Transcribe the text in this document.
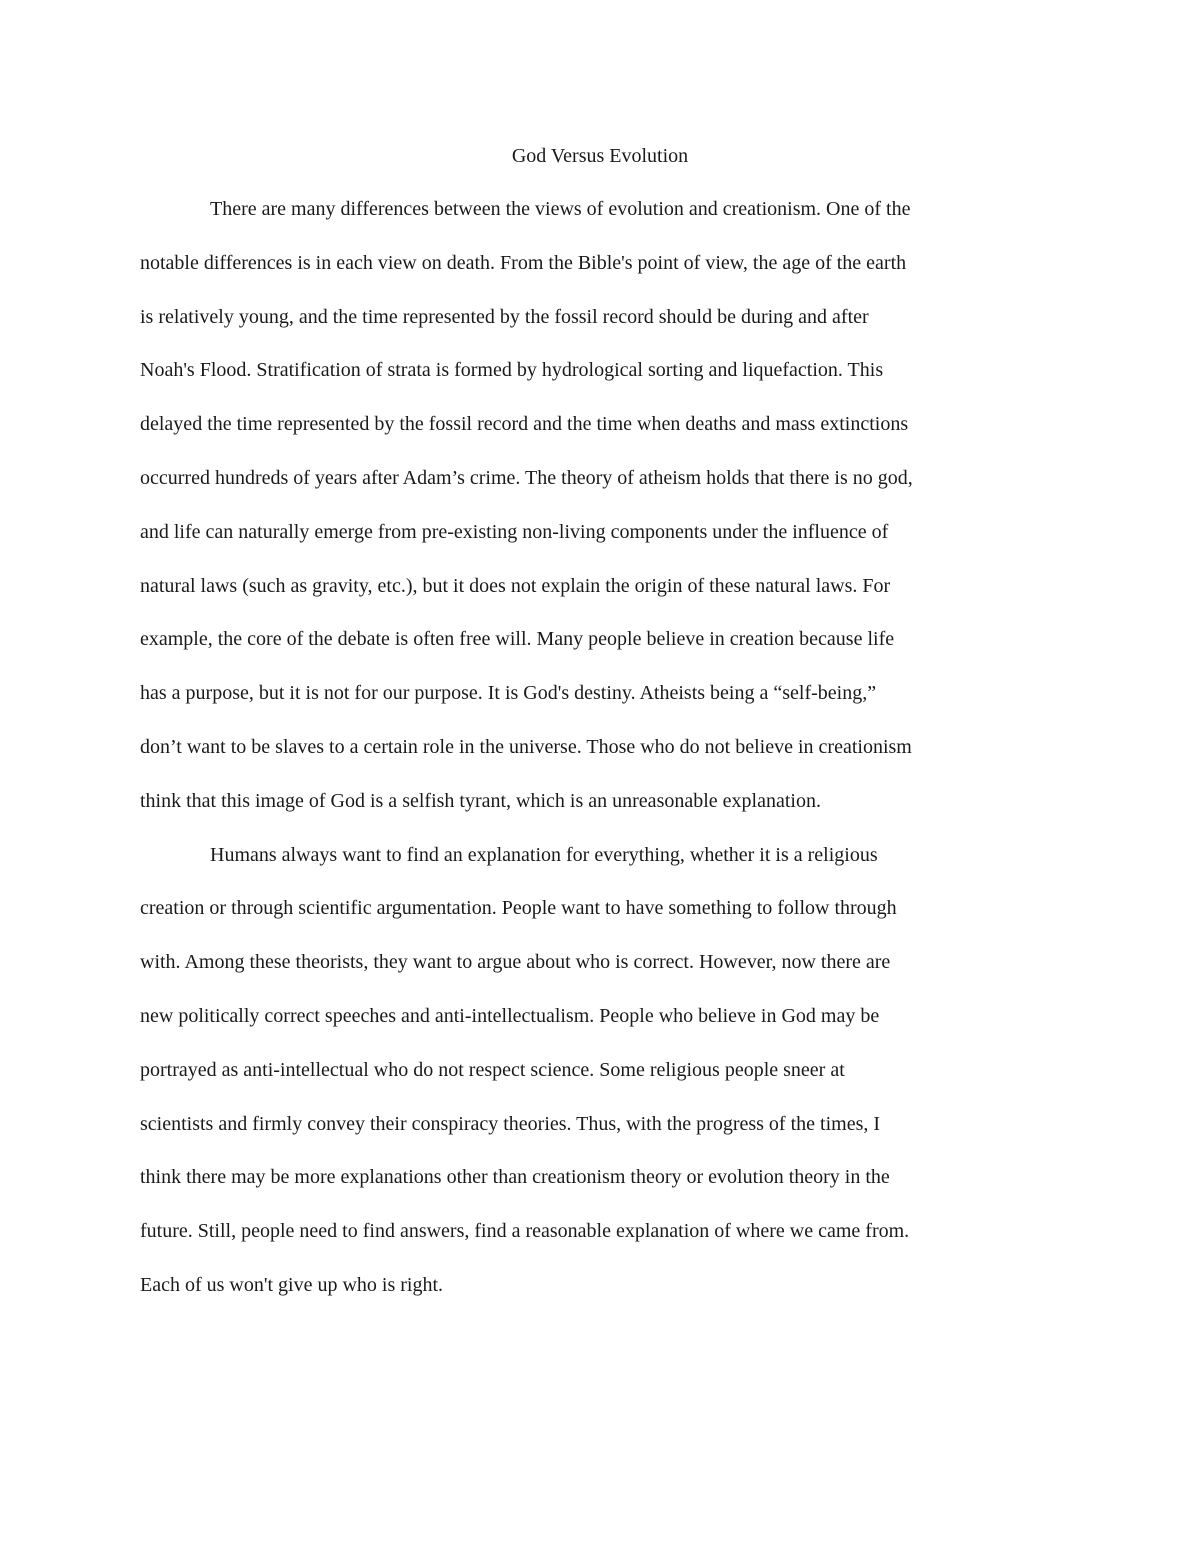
God Versus Evolution
There are many differences between the views of evolution and creationism. One of the
notable differences is in each view on death. From the Bible's point of view, the age of the earth
is relatively young, and the time represented by the fossil record should be during and after
Noah's Flood. Stratification of strata is formed by hydrological sorting and liquefaction. This
delayed the time represented by the fossil record and the time when deaths and mass extinctions
occurred hundreds of years after Adam’s crime. The theory of atheism holds that there is no god,
and life can naturally emerge from pre-existing non-living components under the influence of
natural laws (such as gravity, etc.), but it does not explain the origin of these natural laws. For
example, the core of the debate is often free will. Many people believe in creation because life
has a purpose, but it is not for our purpose. It is God's destiny. Atheists being a “self-being,”
don’t want to be slaves to a certain role in the universe. Those who do not believe in creationism
think that this image of God is a selfish tyrant, which is an unreasonable explanation.
Humans always want to find an explanation for everything, whether it is a religious
creation or through scientific argumentation. People want to have something to follow through
with. Among these theorists, they want to argue about who is correct. However, now there are
new politically correct speeches and anti-intellectualism. People who believe in God may be
portrayed as anti-intellectual who do not respect science. Some religious people sneer at
scientists and firmly convey their conspiracy theories. Thus, with the progress of the times, I
think there may be more explanations other than creationism theory or evolution theory in the
future. Still, people need to find answers, find a reasonable explanation of where we came from.
Each of us won't give up who is right.
